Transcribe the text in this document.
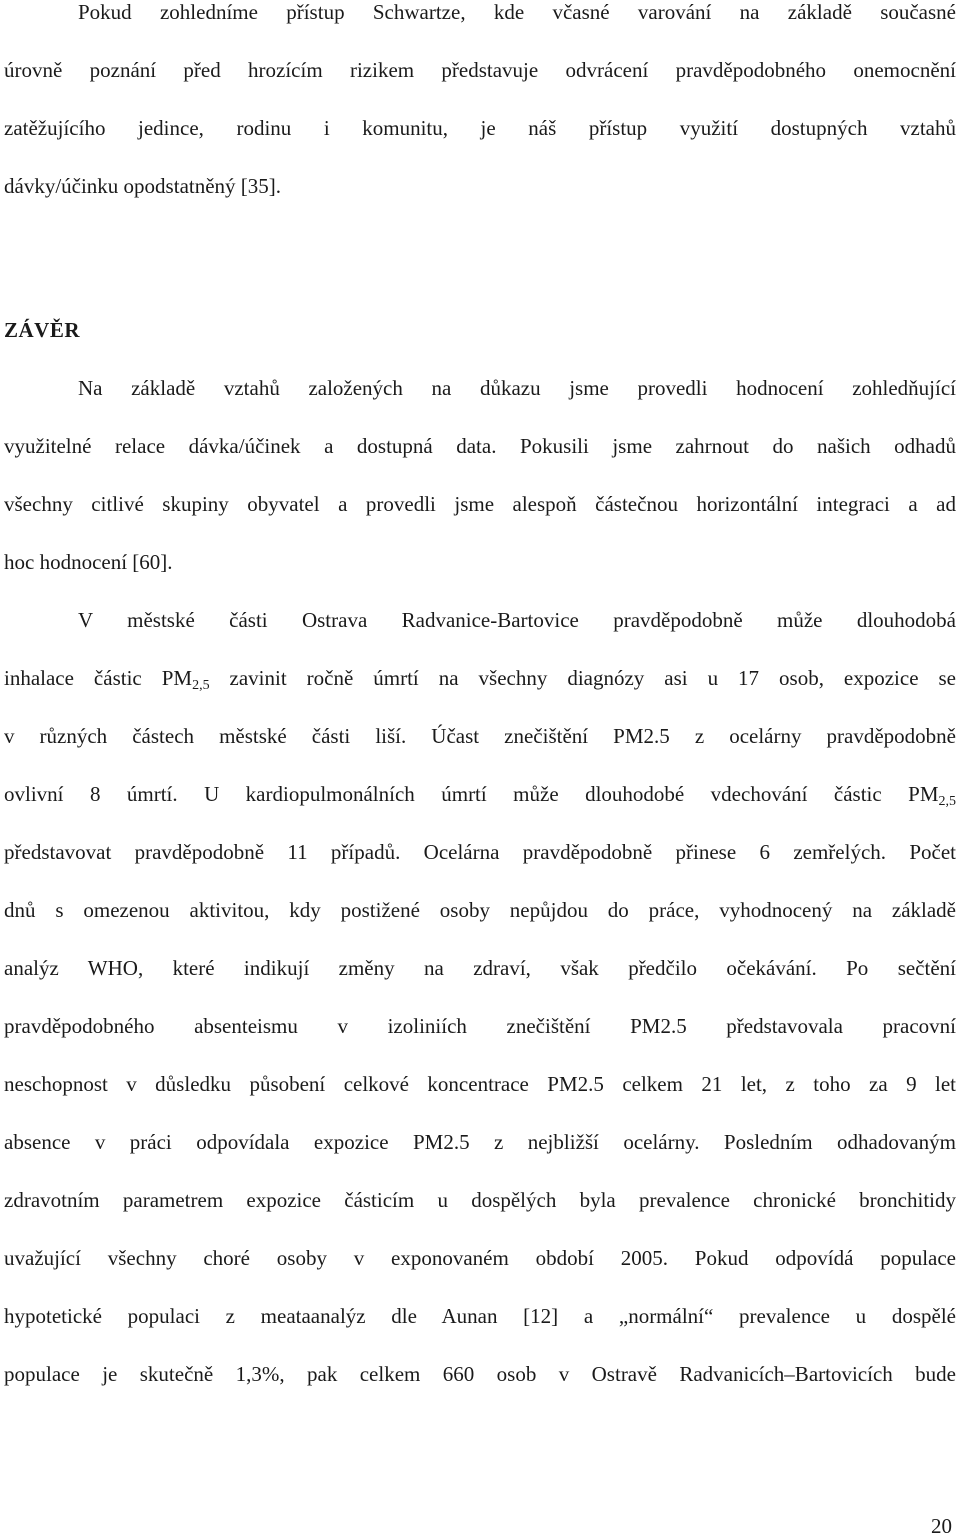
Pokud zohledníme přístup Schwartze, kde včasné varování na základě současné
úrovně poznání před hrozícím rizikem představuje odvrácení pravděpodobného onemocnění
zatěžujícího jedince, rodinu i komunitu, je náš přístup využití dostupných vztahů
dávky/účinku opodstatněný [35].
ZÁVĚR
Na základě vztahů založených na důkazu jsme provedli hodnocení zohledňující
využitelné relace dávka/účinek a dostupná data. Pokusili jsme zahrnout do našich odhadů
všechny citlivé skupiny obyvatel a provedli jsme alespoň částečnou horizontální integraci a ad
hoc hodnocení [60].
V městské části Ostrava Radvanice-Bartovice pravděpodobně může dlouhodobá
inhalace částic $PM_{2,5}$ zavinit ročně úmrtí na všechny diagnózy asi u 17 osob, expozice se
v různých částech městské části liší. Účast znečištění PM2.5 z ocelárny pravděpodobně
ovlivní 8 úmrtí. U kardiopulmonálních úmrtí může dlouhodobé vdechování částic $PM_{2,5}$
představovat pravděpodobně 11 případů. Ocelárna pravděpodobně přinese 6 zemřelých. Počet
dnů s omezenou aktivitou, kdy postižené osoby nepůjdou do práce, vyhodnocený na základě
analýz WHO, které indikují změny na zdraví, však předčilo očekávání. Po sečtění
pravděpodobného absenteismu v izoliniích znečištění PM2.5 představovala pracovní
neschopnost v důsledku působení celkové koncentrace PM2.5 celkem 21 let, z toho za 9 let
absence v práci odpovídala expozice PM2.5 z nejbližší ocelárny. Posledním odhadovaným
zdravotním parametrem expozice částicím u dospělých byla prevalence chronické bronchitidy
uvažující všechny choré osoby v exponovaném období 2005. Pokud odpovídá populace
hypotetické populaci z meataanalýz dle Aunan [12] a „normální“ prevalence u dospělé
populace je skutečně 1,3%, pak celkem 660 osob v Ostravě Radvanicích–Bartovicích bude
20
